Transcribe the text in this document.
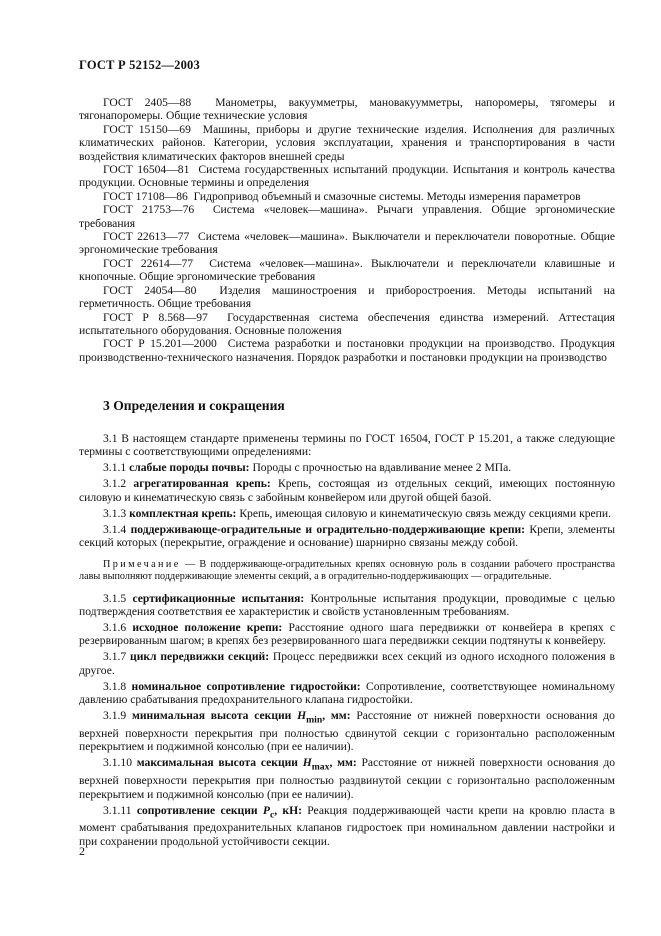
ГОСТ Р 52152—2003

ГОСТ 2405—88 Манометры, вакуумметры, мановакуумметры, напоромеры, тягомеры и тягонапоромеры. Общие технические условия

ГОСТ 15150—69 Машины, приборы и другие технические изделия. Исполнения для различных климатических районов. Категории, условия эксплуатации, хранения и транспортирования в части воздействия климатических факторов внешней среды

ГОСТ 16504—81 Система государственных испытаний продукции. Испытания и контроль качества продукции. Основные термины и определения

ГОСТ 17108—86 Гидропривод объемный и смазочные системы. Методы измерения параметров

ГОСТ 21753—76 Система «человек—машина». Рычаги управления. Общие эргономические требования

ГОСТ 22613—77 Система «человек—машина». Выключатели и переключатели поворотные. Общие эргономические требования

ГОСТ 22614—77 Система «человек—машина». Выключатели и переключатели клавишные и кнопочные. Общие эргономические требования

ГОСТ 24054—80 Изделия машиностроения и приборостроения. Методы испытаний на герметичность. Общие требования

ГОСТ Р 8.568—97 Государственная система обеспечения единства измерений. Аттестация испытательного оборудования. Основные положения

ГОСТ Р 15.201—2000 Система разработки и постановки продукции на производство. Продукция производственно-технического назначения. Порядок разработки и постановки продукции на производство

3 Определения и сокращения

3.1 В настоящем стандарте применены термины по ГОСТ 16504, ГОСТ Р 15.201, а также следующие термины с соответствующими определениями:

3.1.1 слабые породы почвы: Породы с прочностью на вдавливание менее 2 МПа.

3.1.2 агрегатированная крепь: Крепь, состоящая из отдельных секций, имеющих постоянную силовую и кинематическую связь с забойным конвейером или другой общей базой.

3.1.3 комплектная крепь: Крепь, имеющая силовую и кинематическую связь между секциями крепи.

3.1.4 поддерживающе-оградительные и оградительно-поддерживающие крепи: Крепи, элементы секций которых (перекрытие, ограждение и основание) шарнирно связаны между собой.

Примечание — В поддерживающе-оградительных крепях основную роль в создании рабочего пространства лавы выполняют поддерживающие элементы секций, а в оградительно-поддерживающих — оградительные.

3.1.5 сертификационные испытания: Контрольные испытания продукции, проводимые с целью подтверждения соответствия ее характеристик и свойств установленным требованиям.

3.1.6 исходное положение крепи: Расстояние одного шага передвижки от конвейера в крепях с резервированным шагом; в крепях без резервированного шага передвижки секции подтянуты к конвейеру.

3.1.7 цикл передвижки секций: Процесс передвижки всех секций из одного исходного положения в другое.

3.1.8 номинальное сопротивление гидростойки: Сопротивление, соответствующее номинальному давлению срабатывания предохранительного клапана гидростойки.

3.1.9 минимальная высота секции $H_{min}$, мм: Расстояние от нижней поверхности основания до верхней поверхности перекрытия при полностью сдвинутой секции с горизонтально расположенным перекрытием и поджимной консолью (при ее наличии).

3.1.10 максимальная высота секции $H_{max}$, мм: Расстояние от нижней поверхности основания до верхней поверхности перекрытия при полностью раздвинутой секции с горизонтально расположенным перекрытием и поджимной консолью (при ее наличии).

3.1.11 сопротивление секции $P_c$, кН: Реакция поддерживающей части крепи на кровлю пласта в момент срабатывания предохранительных клапанов гидростоек при номинальном давлении настройки и при сохранении продольной устойчивости секции.

2
